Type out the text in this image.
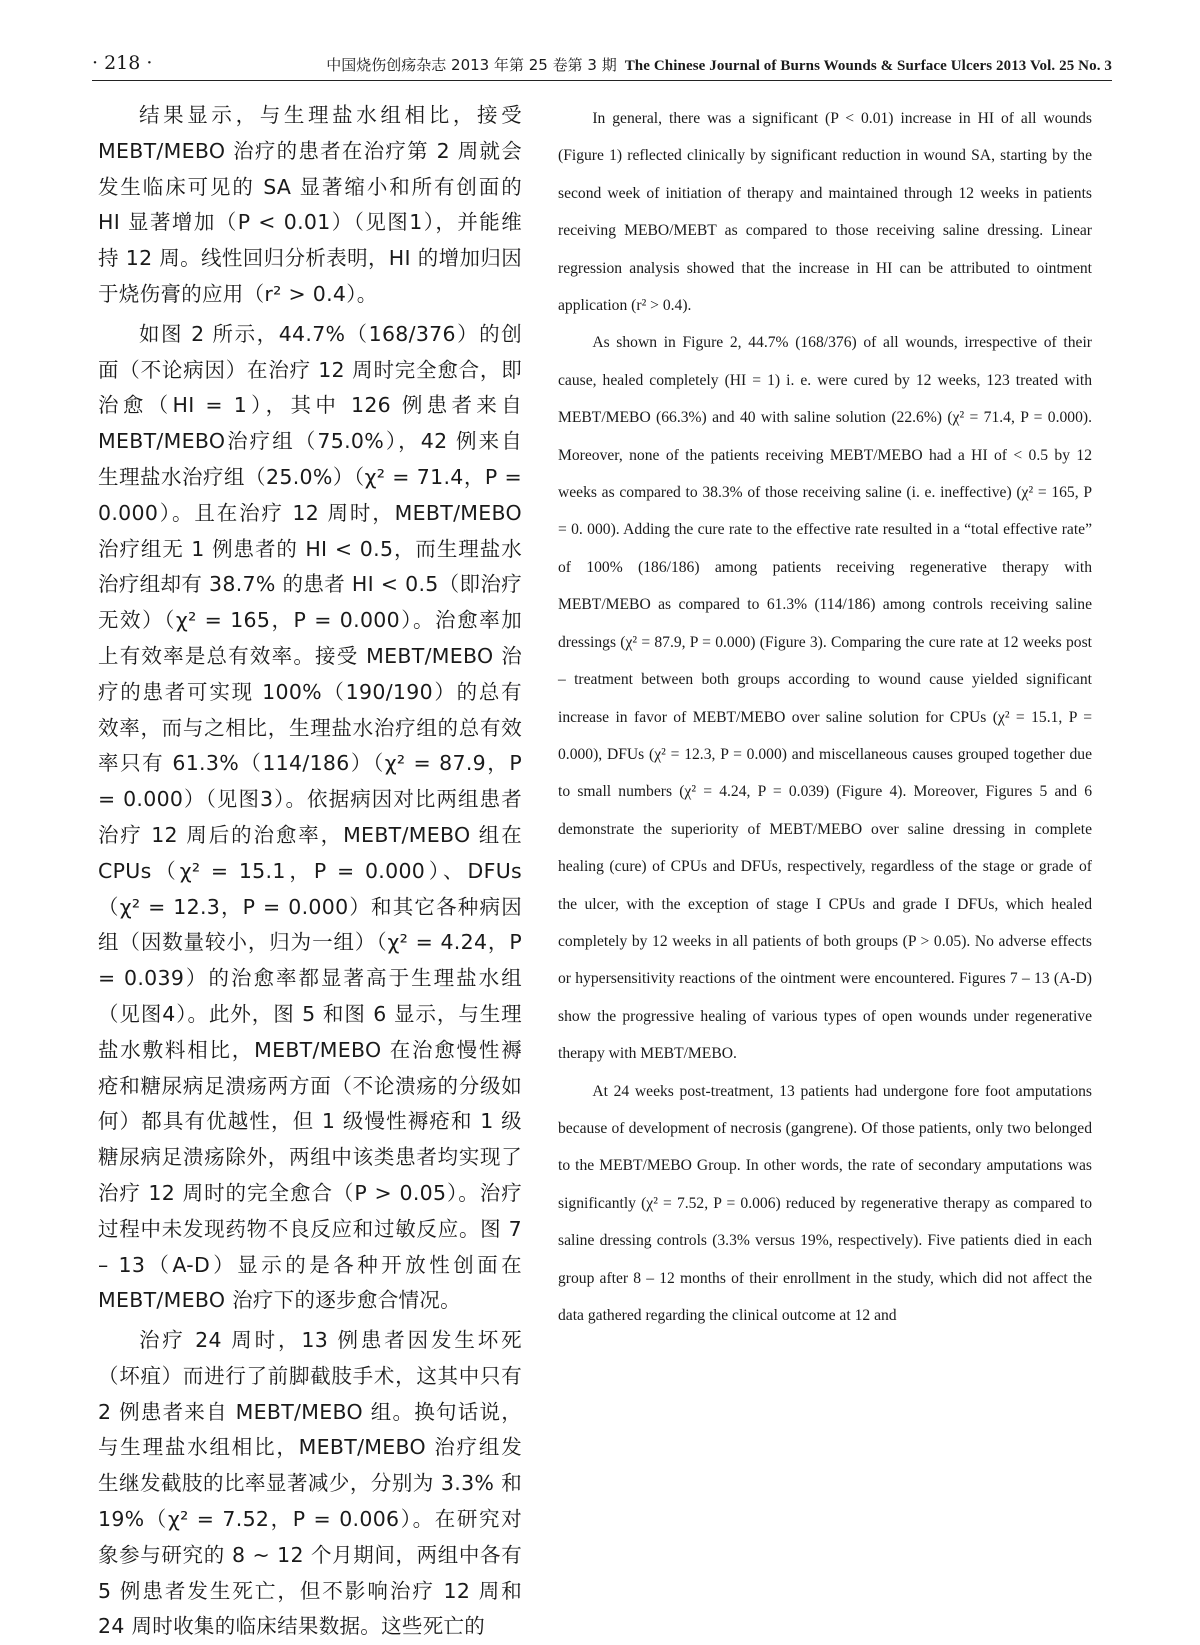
· 218 ·	中国烧伤创疡杂志 2013 年第 25 卷第 3 期 The Chinese Journal of Burns Wounds & Surface Ulcers 2013 Vol. 25 No. 3

结果显示，与生理盐水组相比，接受 MEBT/MEBO 治疗的患者在治疗第 2 周就会发生临床可见的 SA 显著缩小和所有创面的 HI 显著增加（P < 0.01）（见图1），并能维持 12 周。线性回归分析表明，HI 的增加归因于烧伤膏的应用（r² > 0.4）。

如图 2 所示，44.7%（168/376）的创面（不论病因）在治疗 12 周时完全愈合，即治愈（HI = 1），其中 126 例患者来自 MEBT/MEBO治疗组（75.0%），42 例来自生理盐水治疗组（25.0%）（χ² = 71.4，P = 0.000）。且在治疗 12 周时，MEBT/MEBO 治疗组无 1 例患者的 HI < 0.5，而生理盐水治疗组却有 38.7% 的患者 HI < 0.5（即治疗无效）（χ² = 165，P = 0.000）。治愈率加上有效率是总有效率。接受 MEBT/MEBO 治疗的患者可实现 100%（190/190）的总有效率，而与之相比，生理盐水治疗组的总有效率只有 61.3%（114/186）（χ² = 87.9，P = 0.000）（见图3）。依据病因对比两组患者治疗 12 周后的治愈率，MEBT/MEBO 组在 CPUs（χ² = 15.1，P = 0.000）、DFUs（χ² = 12.3，P = 0.000）和其它各种病因组（因数量较小，归为一组）（χ² = 4.24，P = 0.039）的治愈率都显著高于生理盐水组（见图4）。此外，图 5 和图 6 显示，与生理盐水敷料相比，MEBT/MEBO 在治愈慢性褥疮和糖尿病足溃疡两方面（不论溃疡的分级如何）都具有优越性，但 1 级慢性褥疮和 1 级糖尿病足溃疡除外，两组中该类患者均实现了治疗 12 周时的完全愈合（P > 0.05）。治疗过程中未发现药物不良反应和过敏反应。图 7 – 13（A-D）显示的是各种开放性创面在 MEBT/MEBO 治疗下的逐步愈合情况。

治疗 24 周时，13 例患者因发生坏死（坏疽）而进行了前脚截肢手术，这其中只有 2 例患者来自 MEBT/MEBO 组。换句话说，与生理盐水组相比，MEBT/MEBO 治疗组发生继发截肢的比率显著减少，分别为 3.3% 和 19%（χ² = 7.52，P = 0.006）。在研究对象参与研究的 8 ~ 12 个月期间，两组中各有 5 例患者发生死亡，但不影响治疗 12 周和 24 周时收集的临床结果数据。这些死亡的

In general, there was a significant (P < 0.01) increase in HI of all wounds (Figure 1) reflected clinically by significant reduction in wound SA, starting by the second week of initiation of therapy and maintained through 12 weeks in patients receiving MEBO/MEBT as compared to those receiving saline dressing. Linear regression analysis showed that the increase in HI can be attributed to ointment application (r² > 0.4).

As shown in Figure 2, 44.7% (168/376) of all wounds, irrespective of their cause, healed completely (HI = 1) i. e. were cured by 12 weeks, 123 treated with MEBT/MEBO (66.3%) and 40 with saline solution (22.6%) (χ² = 71.4, P = 0.000). Moreover, none of the patients receiving MEBT/MEBO had a HI of < 0.5 by 12 weeks as compared to 38.3% of those receiving saline (i. e. ineffective) (χ² = 165, P = 0. 000). Adding the cure rate to the effective rate resulted in a “total effective rate” of 100% (186/186) among patients receiving regenerative therapy with MEBT/MEBO as compared to 61.3% (114/186) among controls receiving saline dressings (χ² = 87.9, P = 0.000) (Figure 3). Comparing the cure rate at 12 weeks post – treatment between both groups according to wound cause yielded significant increase in favor of MEBT/MEBO over saline solution for CPUs (χ² = 15.1, P = 0.000), DFUs (χ² = 12.3, P = 0.000) and miscellaneous causes grouped together due to small numbers (χ² = 4.24, P = 0.039) (Figure 4). Moreover, Figures 5 and 6 demonstrate the superiority of MEBT/MEBO over saline dressing in complete healing (cure) of CPUs and DFUs, respectively, regardless of the stage or grade of the ulcer, with the exception of stage I CPUs and grade I DFUs, which healed completely by 12 weeks in all patients of both groups (P > 0.05). No adverse effects or hypersensitivity reactions of the ointment were encountered. Figures 7 – 13 (A-D) show the progressive healing of various types of open wounds under regenerative therapy with MEBT/MEBO.

At 24 weeks post-treatment, 13 patients had undergone fore foot amputations because of development of necrosis (gangrene). Of those patients, only two belonged to the MEBT/MEBO Group. In other words, the rate of secondary amputations was significantly (χ² = 7.52, P = 0.006) reduced by regenerative therapy as compared to saline dressing controls (3.3% versus 19%, respectively). Five patients died in each group after 8 – 12 months of their enrollment in the study, which did not affect the data gathered regarding the clinical outcome at 12 and
